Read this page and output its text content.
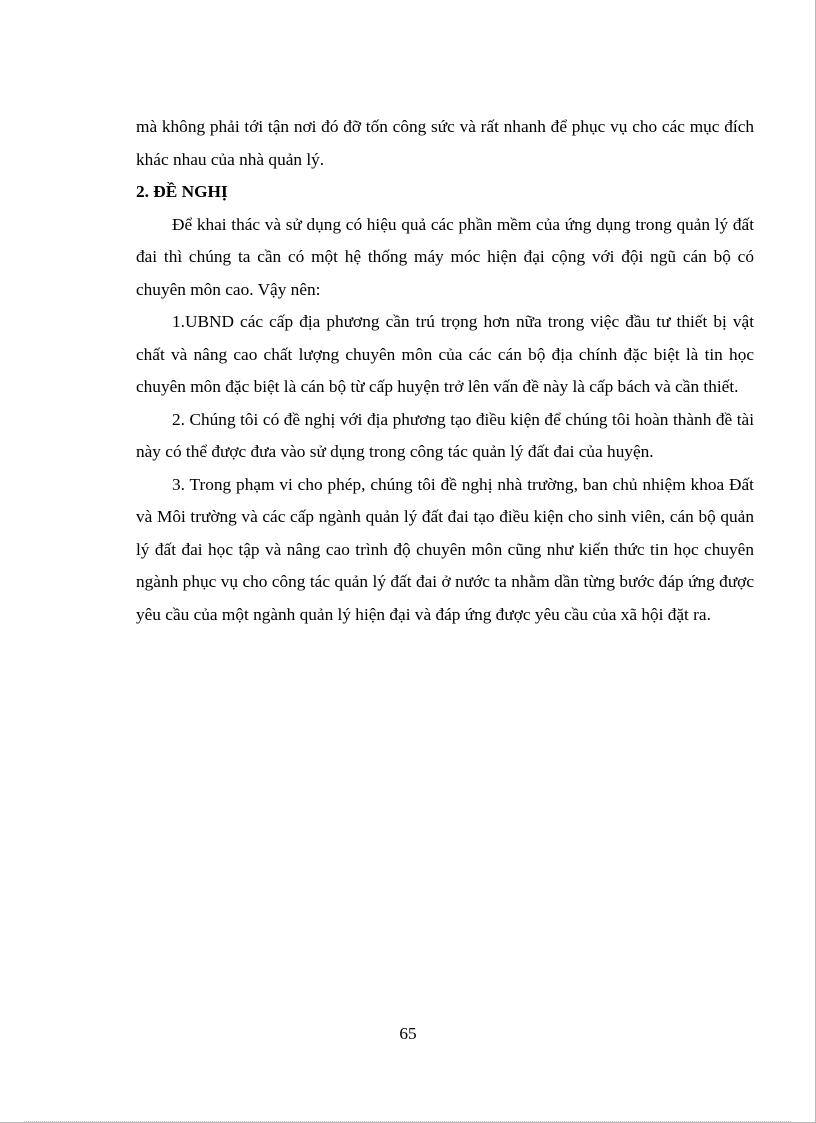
mà không phải tới tận nơi đó đỡ tốn công sức và rất nhanh để phục vụ cho các mục đích khác nhau của nhà quản lý.

2. ĐỀ NGHỊ

Để khai thác và sử dụng có hiệu quả các phần mềm của ứng dụng trong quản lý đất đai thì chúng ta cần có một hệ thống máy móc hiện đại cộng với đội ngũ cán bộ có chuyên môn cao. Vậy nên:

1.UBND các cấp địa phương cần trú trọng hơn nữa trong việc đầu tư thiết bị vật chất và nâng cao chất lượng chuyên môn của các cán bộ địa chính đặc biệt là tin học chuyên môn đặc biệt là cán bộ từ cấp huyện trở lên vấn đề này là cấp bách và cần thiết.

2. Chúng tôi có đề nghị với địa phương tạo điều kiện để chúng tôi hoàn thành đề tài này có thể được đưa vào sử dụng trong công tác quản lý đất đai của huyện.

3. Trong phạm vi cho phép, chúng tôi đề nghị nhà trường, ban chủ nhiệm khoa Đất và Môi trường và các cấp ngành quản lý đất đai tạo điều kiện cho sinh viên, cán bộ quản lý đất đai học tập và nâng cao trình độ chuyên môn cũng như kiến thức tin học chuyên ngành phục vụ cho công tác quản lý đất đai ở nước ta nhằm dần từng bước đáp ứng được yêu cầu của một ngành quản lý hiện đại và đáp ứng được yêu cầu của xã hội đặt ra.

65
